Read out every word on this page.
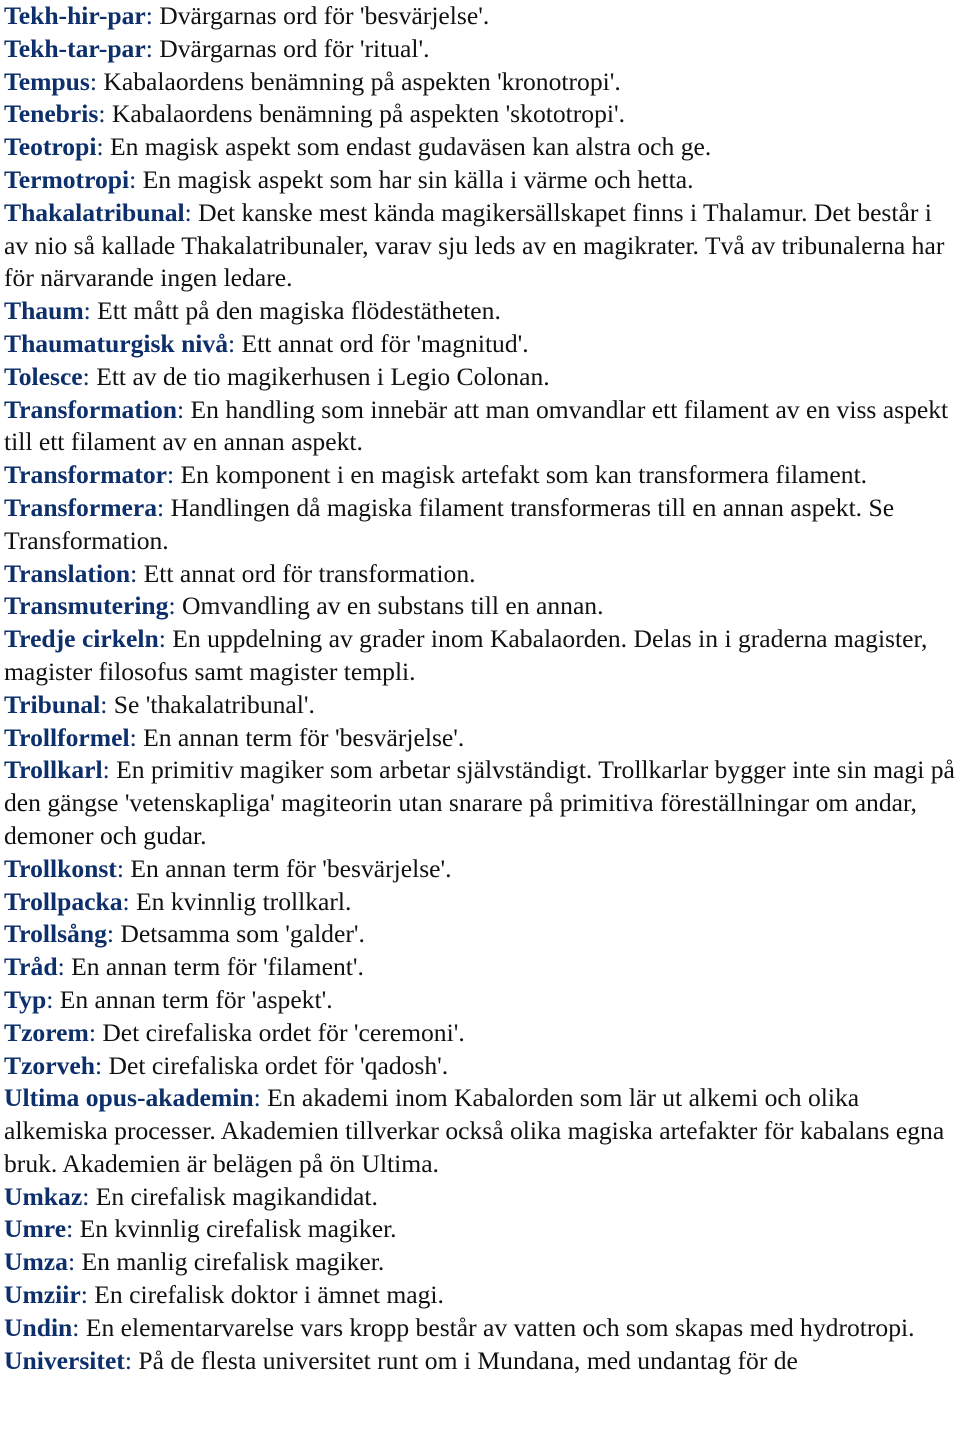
Tekh-hir-par: Dvärgarnas ord för 'besvärjelse'.

Tekh-tar-par: Dvärgarnas ord för 'ritual'.

Tempus: Kabalaordens benämning på aspekten 'kronotropi'.

Tenebris: Kabalaordens benämning på aspekten 'skototropi'.

Teotropi: En magisk aspekt som endast gudaväsen kan alstra och ge.

Termotropi: En magisk aspekt som har sin källa i värme och hetta.

Thakalatribunal: Det kanske mest kända magikersällskapet finns i Thalamur. Det består i av nio så kallade Thakalatribunaler, varav sju leds av en magikrater. Två av tribunalerna har för närvarande ingen ledare.

Thaum: Ett mått på den magiska flödestätheten.

Thaumaturgisk nivå: Ett annat ord för 'magnitud'.

Tolesce: Ett av de tio magikerhusen i Legio Colonan.

Transformation: En handling som innebär att man omvandlar ett filament av en viss aspekt till ett filament av en annan aspekt.

Transformator: En komponent i en magisk artefakt som kan transformera filament.

Transformera: Handlingen då magiska filament transformeras till en annan aspekt. Se Transformation.

Translation: Ett annat ord för transformation.

Transmutering: Omvandling av en substans till en annan.

Tredje cirkeln: En uppdelning av grader inom Kabalaorden. Delas in i graderna magister, magister filosofus samt magister templi.

Tribunal: Se 'thakalatribunal'.

Trollformel: En annan term för 'besvärjelse'.

Trollkarl: En primitiv magiker som arbetar självständigt. Trollkarlar bygger inte sin magi på den gängse 'vetenskapliga' magiteorin utan snarare på primitiva föreställningar om andar, demoner och gudar.

Trollkonst: En annan term för 'besvärjelse'.

Trollpacka: En kvinnlig trollkarl.

Trollsång: Detsamma som 'galder'.

Tråd: En annan term för 'filament'.

Typ: En annan term för 'aspekt'.

Tzorem: Det cirefaliska ordet för 'ceremoni'.

Tzorveh: Det cirefaliska ordet för 'qadosh'.

Ultima opus-akademin: En akademi inom Kabalorden som lär ut alkemi och olika alkemiska processer. Akademien tillverkar också olika magiska artefakter för kabalans egna bruk. Akademien är belägen på ön Ultima.

Umkaz: En cirefalisk magikandidat.

Umre: En kvinnlig cirefalisk magiker.

Umza: En manlig cirefalisk magiker.

Umziir: En cirefalisk doktor i ämnet magi.

Undin: En elementarvarelse vars kropp består av vatten och som skapas med hydrotropi.

Universitet: På de flesta universitet runt om i Mundana, med undantag för de
